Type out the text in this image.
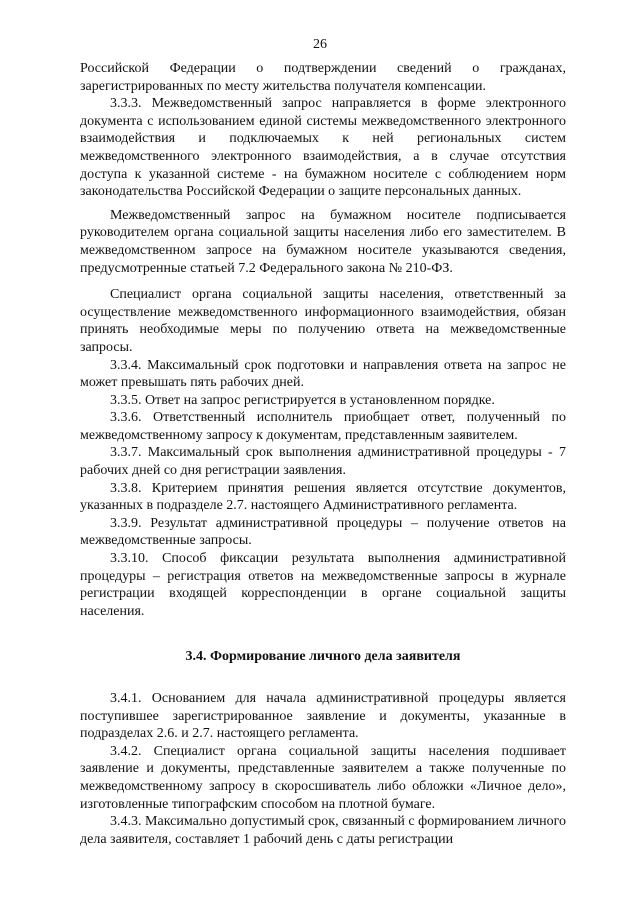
26

Российской Федерации о подтверждении сведений о гражданах, зарегистрированных по месту жительства получателя компенсации.

3.3.3. Межведомственный запрос направляется в форме электронного документа с использованием единой системы межведомственного электронного взаимодействия и подключаемых к ней региональных систем межведомственного электронного взаимодействия, а в случае отсутствия доступа к указанной системе - на бумажном носителе с соблюдением норм законодательства Российской Федерации о защите персональных данных.

Межведомственный запрос на бумажном носителе подписывается руководителем органа социальной защиты населения либо его заместителем. В межведомственном запросе на бумажном носителе указываются сведения, предусмотренные статьей 7.2 Федерального закона № 210-ФЗ.

Специалист органа социальной защиты населения, ответственный за осуществление межведомственного информационного взаимодействия, обязан принять необходимые меры по получению ответа на межведомственные запросы.

3.3.4. Максимальный срок подготовки и направления ответа на запрос не может превышать пять рабочих дней.

3.3.5. Ответ на запрос регистрируется в установленном порядке.

3.3.6. Ответственный исполнитель приобщает ответ, полученный по межведомственному запросу к документам, представленным заявителем.

3.3.7. Максимальный срок выполнения административной процедуры - 7 рабочих дней со дня регистрации заявления.

3.3.8. Критерием принятия решения является отсутствие документов, указанных в подразделе 2.7. настоящего Административного регламента.

3.3.9. Результат административной процедуры – получение ответов на межведомственные запросы.

3.3.10. Способ фиксации результата выполнения административной процедуры – регистрация ответов на межведомственные запросы в журнале регистрации входящей корреспонденции в органе социальной защиты населения.

3.4. Формирование личного дела заявителя

3.4.1. Основанием для начала административной процедуры является поступившее зарегистрированное заявление и документы, указанные в подразделах 2.6. и 2.7. настоящего регламента.

3.4.2. Специалист органа социальной защиты населения подшивает заявление и документы, представленные заявителем а также полученные по межведомственному запросу в скоросшиватель либо обложки «Личное дело», изготовленные типографским способом на плотной бумаге.

3.4.3. Максимально допустимый срок, связанный с формированием личного дела заявителя, составляет 1 рабочий день с даты регистрации
